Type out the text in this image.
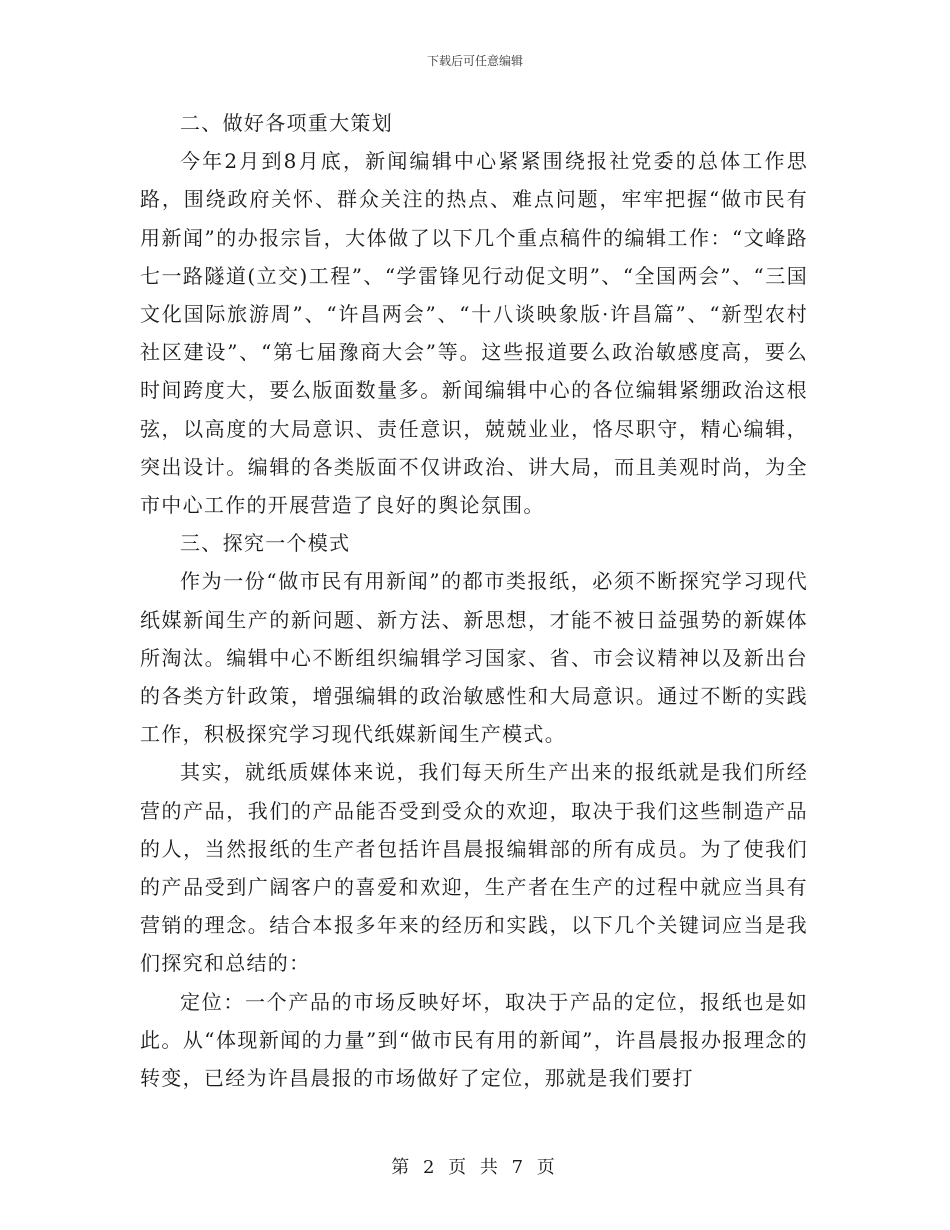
下载后可任意编辑

二、做好各项重大策划

今年2月到8月底，新闻编辑中心紧紧围绕报社党委的总体工作思路，围绕政府关怀、群众关注的热点、难点问题，牢牢把握“做市民有用新闻”的办报宗旨，大体做了以下几个重点稿件的编辑工作：“文峰路七一路隧道(立交)工程”、“学雷锋见行动促文明”、“全国两会”、“三国文化国际旅游周”、“许昌两会”、“十八谈映象版·许昌篇”、“新型农村社区建设”、“第七届豫商大会”等。这些报道要么政治敏感度高，要么时间跨度大，要么版面数量多。新闻编辑中心的各位编辑紧绷政治这根弦，以高度的大局意识、责任意识，兢兢业业，恪尽职守，精心编辑，突出设计。编辑的各类版面不仅讲政治、讲大局，而且美观时尚，为全市中心工作的开展营造了良好的舆论氛围。

三、探究一个模式

作为一份“做市民有用新闻”的都市类报纸，必须不断探究学习现代纸媒新闻生产的新问题、新方法、新思想，才能不被日益强势的新媒体所淘汰。编辑中心不断组织编辑学习国家、省、市会议精神以及新出台的各类方针政策，增强编辑的政治敏感性和大局意识。通过不断的实践工作，积极探究学习现代纸媒新闻生产模式。

其实，就纸质媒体来说，我们每天所生产出来的报纸就是我们所经营的产品，我们的产品能否受到受众的欢迎，取决于我们这些制造产品的人，当然报纸的生产者包括许昌晨报编辑部的所有成员。为了使我们的产品受到广阔客户的喜爱和欢迎，生产者在生产的过程中就应当具有营销的理念。结合本报多年来的经历和实践，以下几个关键词应当是我们探究和总结的：

定位：一个产品的市场反映好坏，取决于产品的定位，报纸也是如此。从“体现新闻的力量”到“做市民有用的新闻”，许昌晨报办报理念的转变，已经为许昌晨报的市场做好了定位，那就是我们要打

第 2 页 共 7 页
